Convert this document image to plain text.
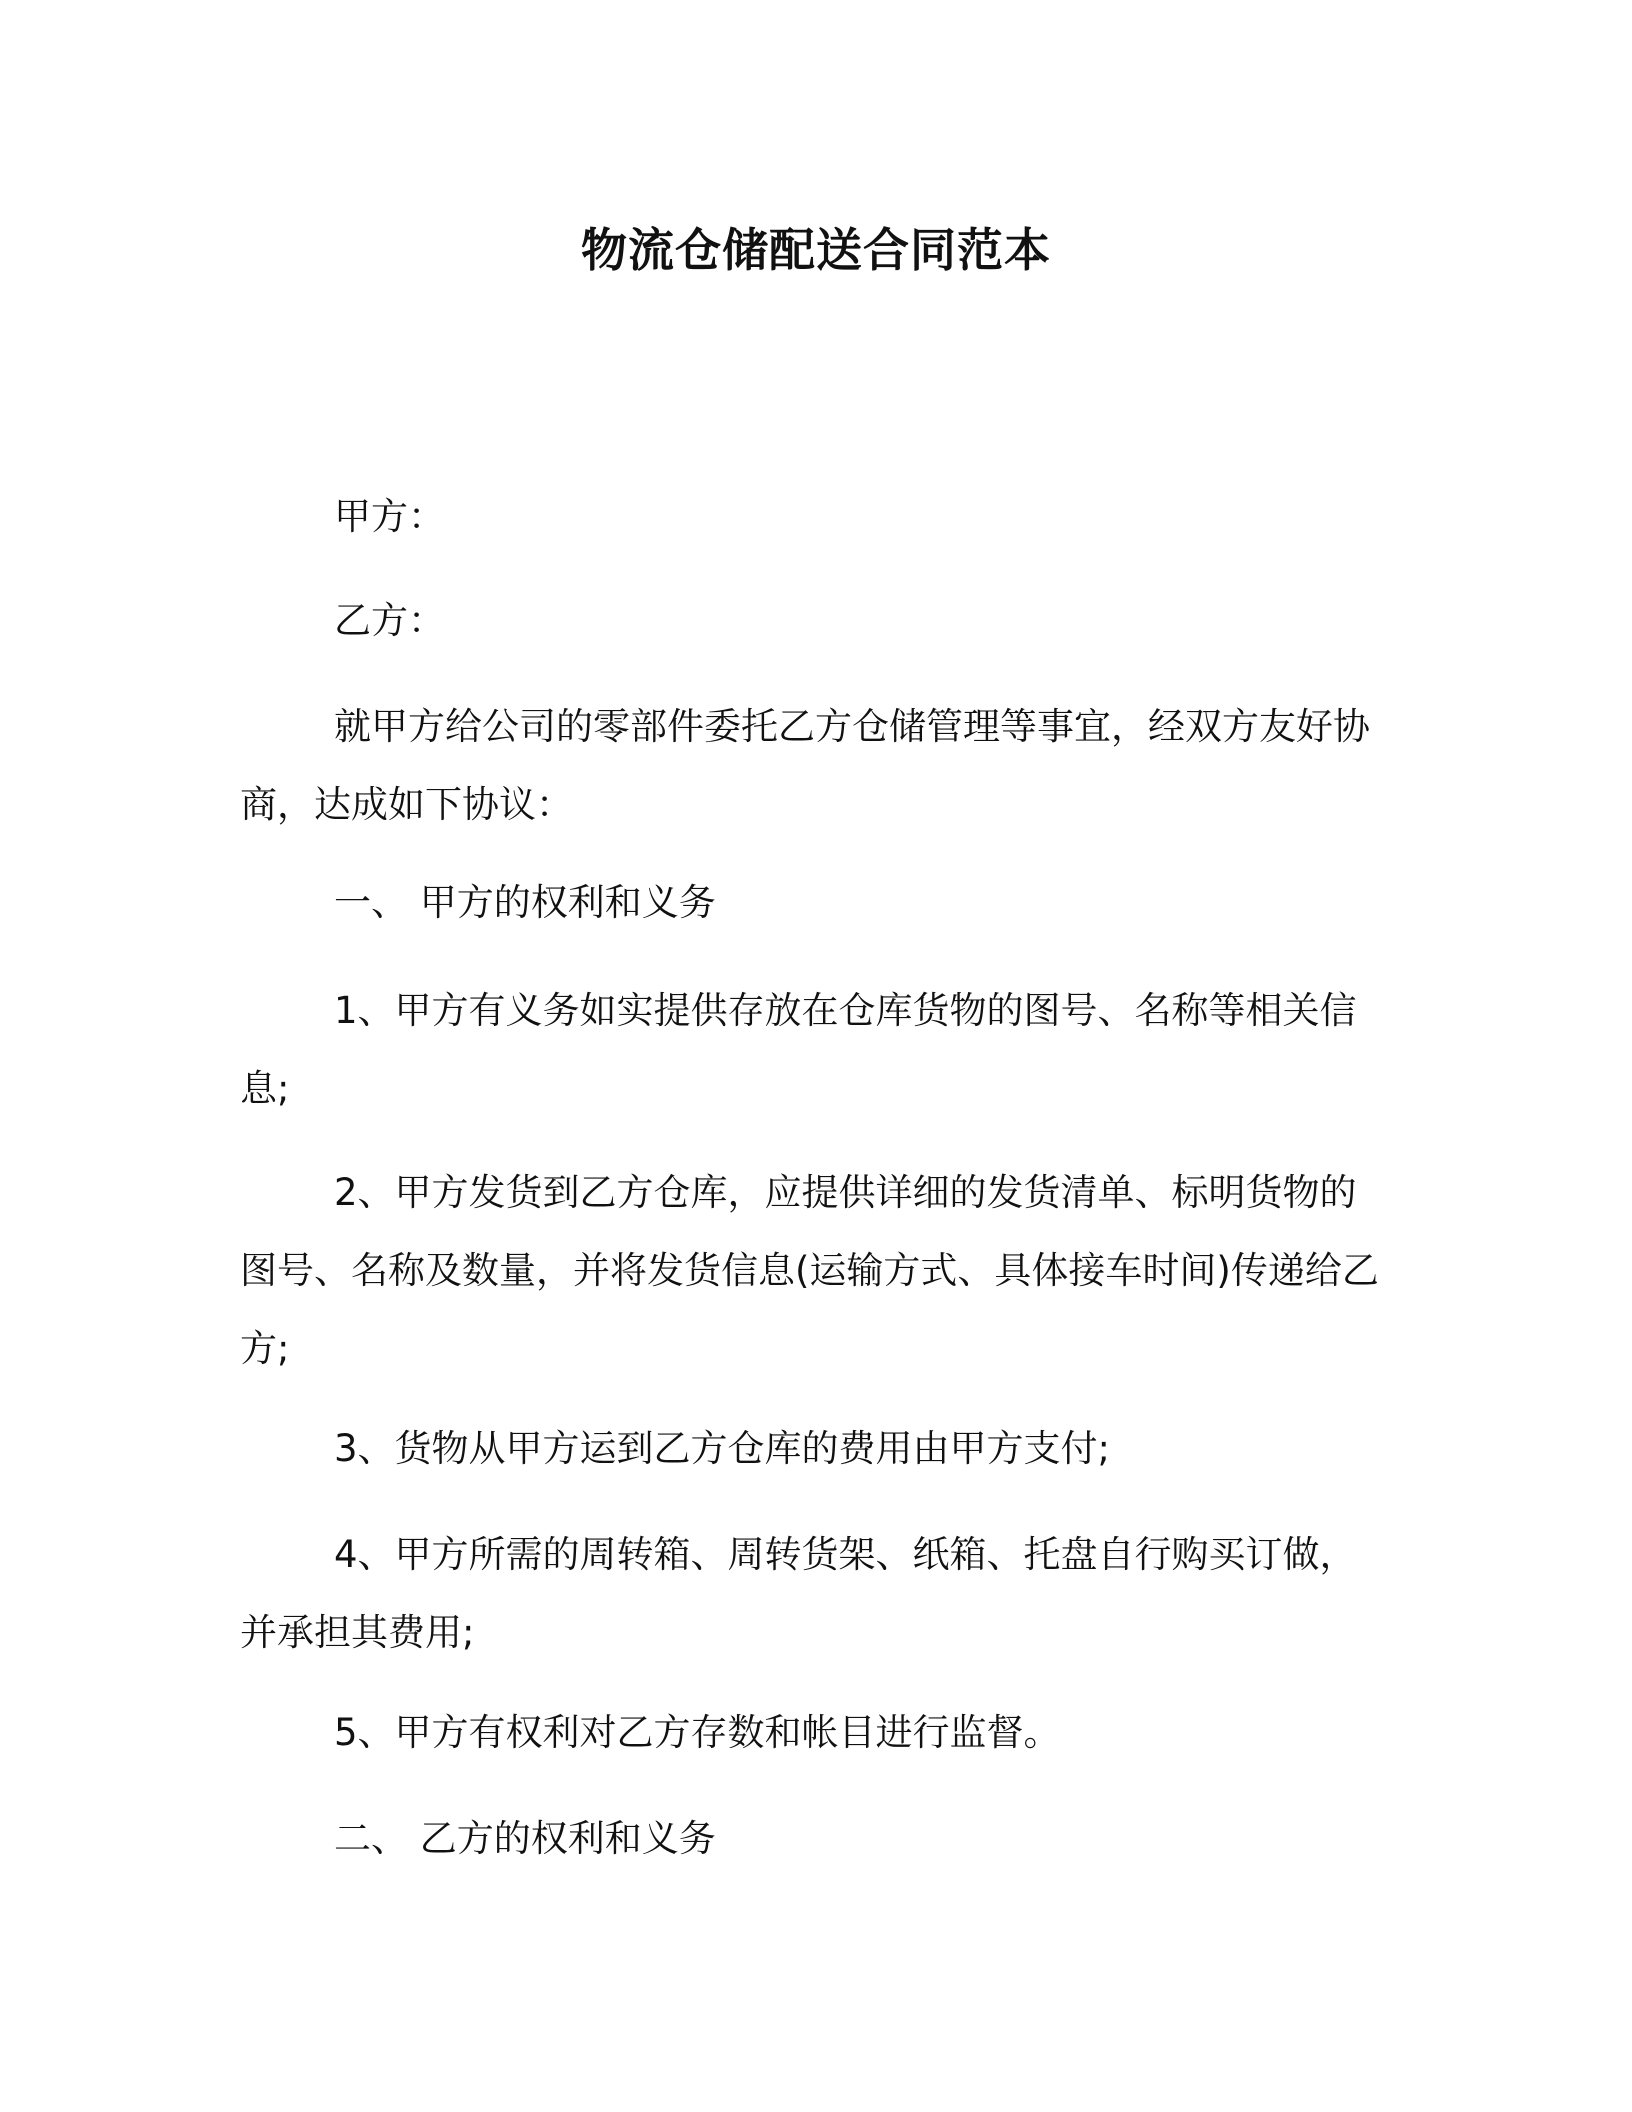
物流仓储配送合同范本
甲方：
乙方：
就甲方给公司的零部件委托乙方仓储管理等事宜，经双方友好协
商，达成如下协议：
一、 甲方的权利和义务
1、甲方有义务如实提供存放在仓库货物的图号、名称等相关信
息;
2、甲方发货到乙方仓库，应提供详细的发货清单、标明货物的
图号、名称及数量，并将发货信息(运输方式、具体接车时间)传递给乙
方;
3、货物从甲方运到乙方仓库的费用由甲方支付;
4、甲方所需的周转箱、周转货架、纸箱、托盘自行购买订做，
并承担其费用;
5、甲方有权利对乙方存数和帐目进行监督。
二、 乙方的权利和义务
